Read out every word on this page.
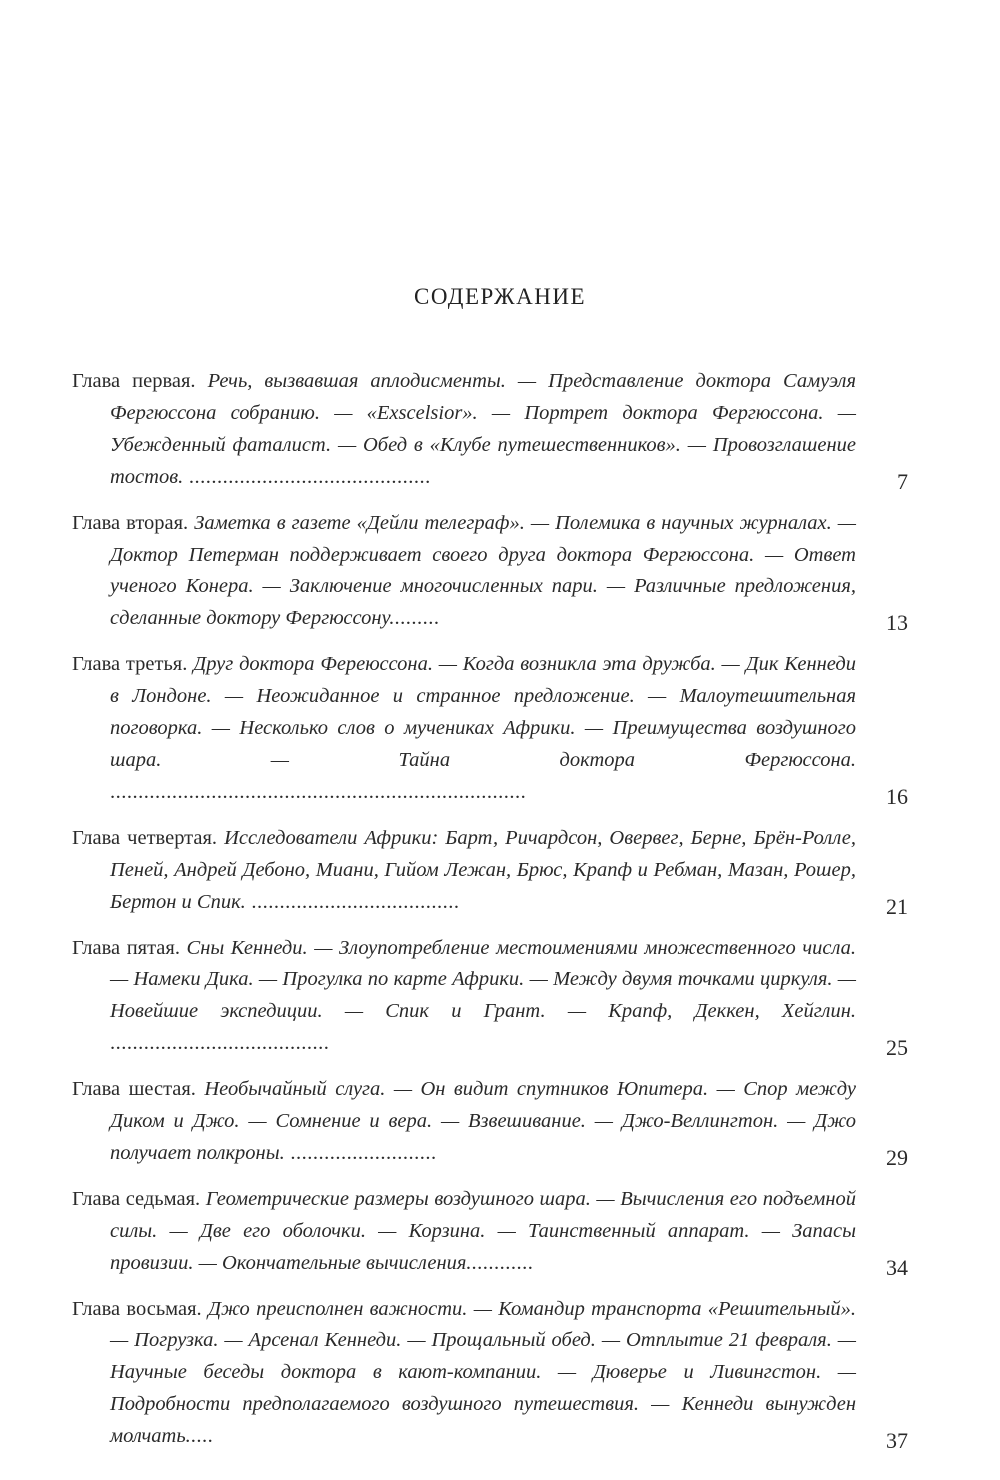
СОДЕРЖАНИЕ
Глава первая. Речь, вызвавшая аплодисменты. — Представление доктора Самуэля Фергюссона собранию. — «Exscelsior». — Портрет доктора Фергюссона. — Убежденный фаталист. — Обед в «Клубе путешественников». — Провозглашение тостов. ...........................................	7
Глава вторая. Заметка в газете «Дейли телеграф». — Полемика в научных журналах. — Доктор Петерман поддерживает своего друга доктора Фергюссона. — Ответ ученого Конера. — Заключение многочисленных пари. — Различные предложения, сделанные доктору Фергюссону.........	13
Глава третья. Друг доктора Фереюссона. — Когда возникла эта дружба. — Дик Кеннеди в Лондоне. — Неожиданное и странное предложение. — Малоутешительная поговорка. — Несколько слов о мучениках Африки. — Преимущества воздушного шара. — Тайна доктора Фергюссона. ..........................................................................	16
Глава четвертая. Исследователи Африки: Барт, Ричардсон, Овервег, Берне, Брён-Ролле, Пеней, Андрей Дебоно, Миани, Гийом Лежан, Брюс, Крапф и Ребман, Мазан, Рошер, Бертон и Спик. .....................................	21
Глава пятая. Сны Кеннеди. — Злоупотребление местоимениями множественного числа. — Намеки Дика. — Прогулка по карте Африки. — Между двумя точками циркуля. — Новейшие экспедиции. — Спик и Грант. — Крапф, Деккен, Хейглин. .......................................	25
Глава шестая. Необычайный слуга. — Он видит спутников Юпитера. — Спор между Диком и Джо. — Сомнение и вера. — Взвешивание. — Джо-Веллингтон. — Джо получает полкроны. ..........................	29
Глава седьмая. Геометрические размеры воздушного шара. — Вычисления его подъемной силы. — Две его оболочки. — Корзина. — Таинственный аппарат. — Запасы провизии. — Окончательные вычисления............	34
Глава восьмая. Джо преисполнен важности. — Командир транспорта «Решительный». — Погрузка. — Арсенал Кеннеди. — Прощальный обед. — Отплытие 21 февраля. — Научные беседы доктора в кают-компании. — Дюверье и Ливингстон. — Подробности предполагаемого воздушного путешествия. — Кеннеди вынужден молчать.....	37
